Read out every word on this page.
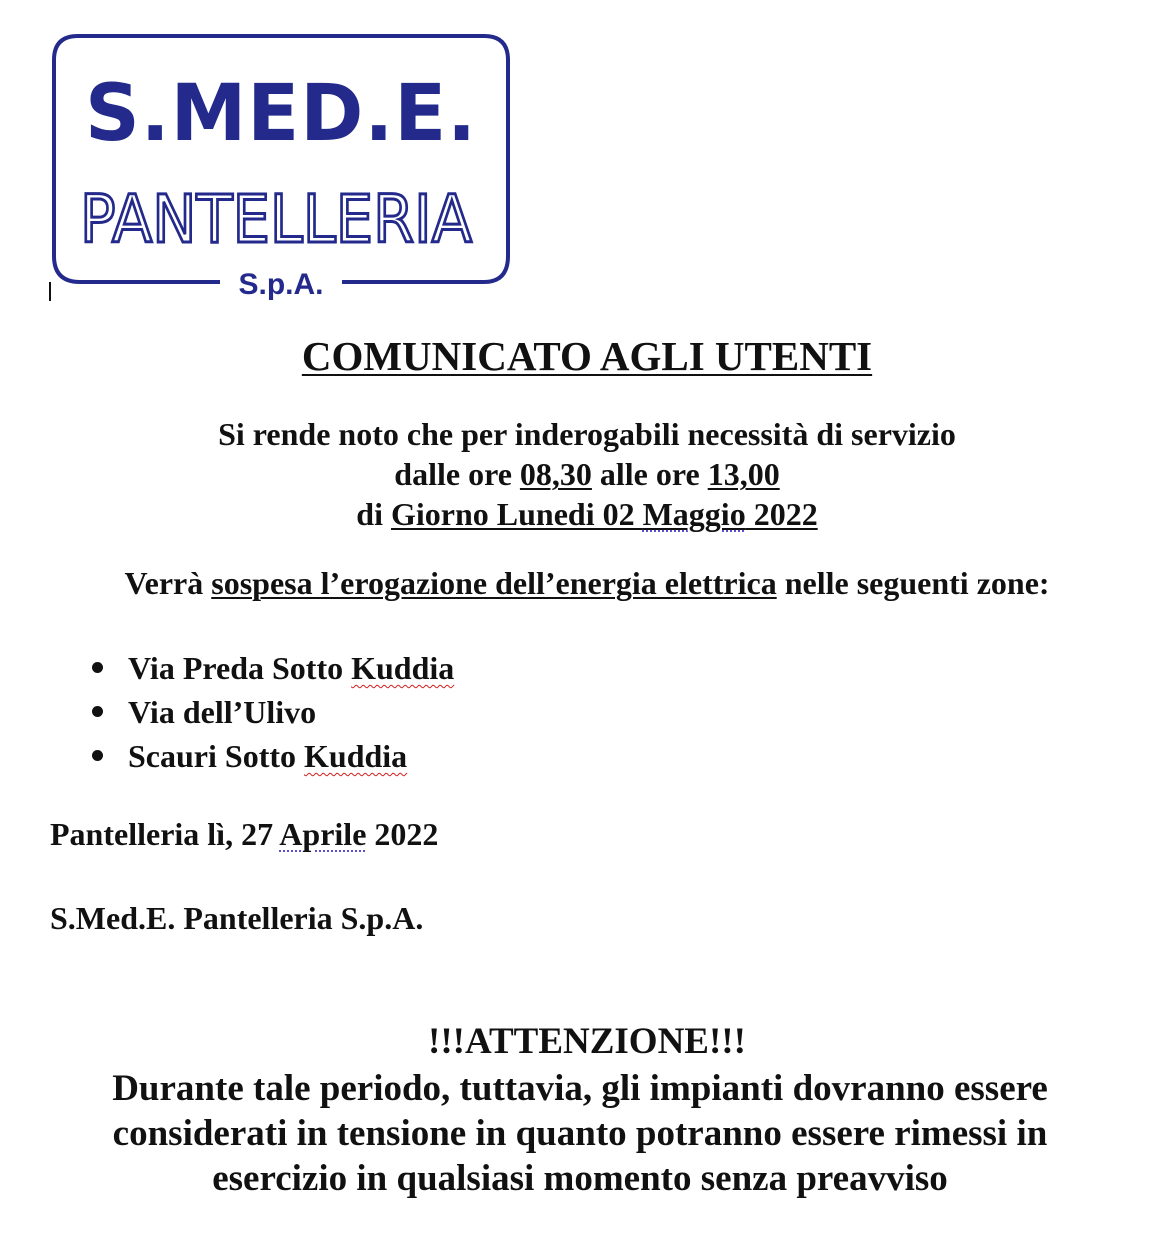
S.MED.E.
PANTELLERIA
S.p.A.
COMUNICATO AGLI UTENTI
Si rende noto che per inderogabili necessità di servizio
dalle ore 08,30 alle ore 13,00
di Giorno Lunedi 02 Maggio 2022
Verrà sospesa l’erogazione dell’energia elettrica nelle seguenti zone:
Via Preda Sotto Kuddia
Via dell’Ulivo
Scauri Sotto Kuddia
Pantelleria lì, 27 Aprile 2022
S.Med.E. Pantelleria S.p.A.
!!!ATTENZIONE!!!
Durante tale periodo, tuttavia, gli impianti dovranno essere
considerati in tensione in quanto potranno essere rimessi in
esercizio in qualsiasi momento senza preavviso
